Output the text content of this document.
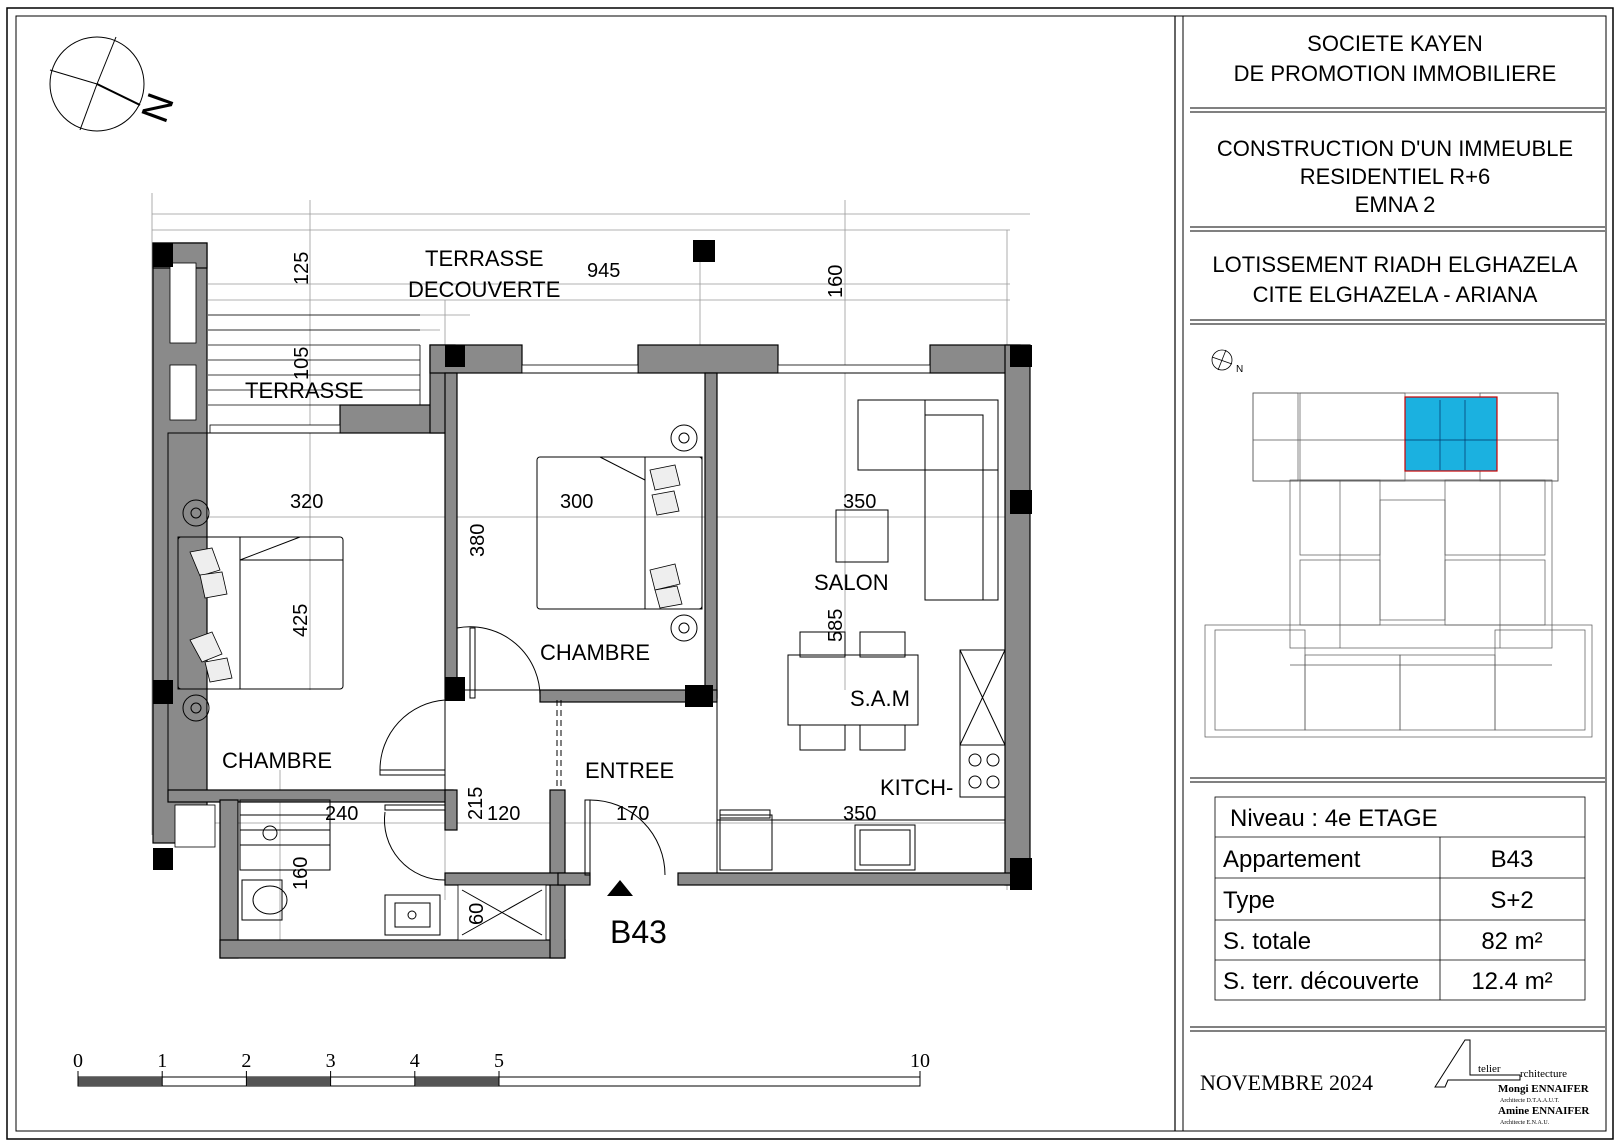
N
TERRASSE
DECOUVERTE
TERRASSE
CHAMBRE
CHAMBRE
SALON
S.A.M
ENTREE
KITCH-
945
125	160
105
320	300	350
380
425	585
240	215 120	170	350
160
60
B43
0	1	2	3	4	5	10
SOCIETE KAYEN
DE PROMOTION IMMOBILIERE
CONSTRUCTION D'UN IMMEUBLE
RESIDENTIEL R+6
EMNA 2
LOTISSEMENT RIADH ELGHAZELA
CITE ELGHAZELA - ARIANA
N
Niveau : 4e ETAGE
Appartement	B43
Type	S+2
S. totale	82 m²
S. terr. découverte 12.4 m²
NOVEMBRE 2024
telier rchitecture
Mongi ENNAIFER
Architecte D.T.A.A.U.T.
Amine ENNAIFER
Architecte E.N.A.U.
